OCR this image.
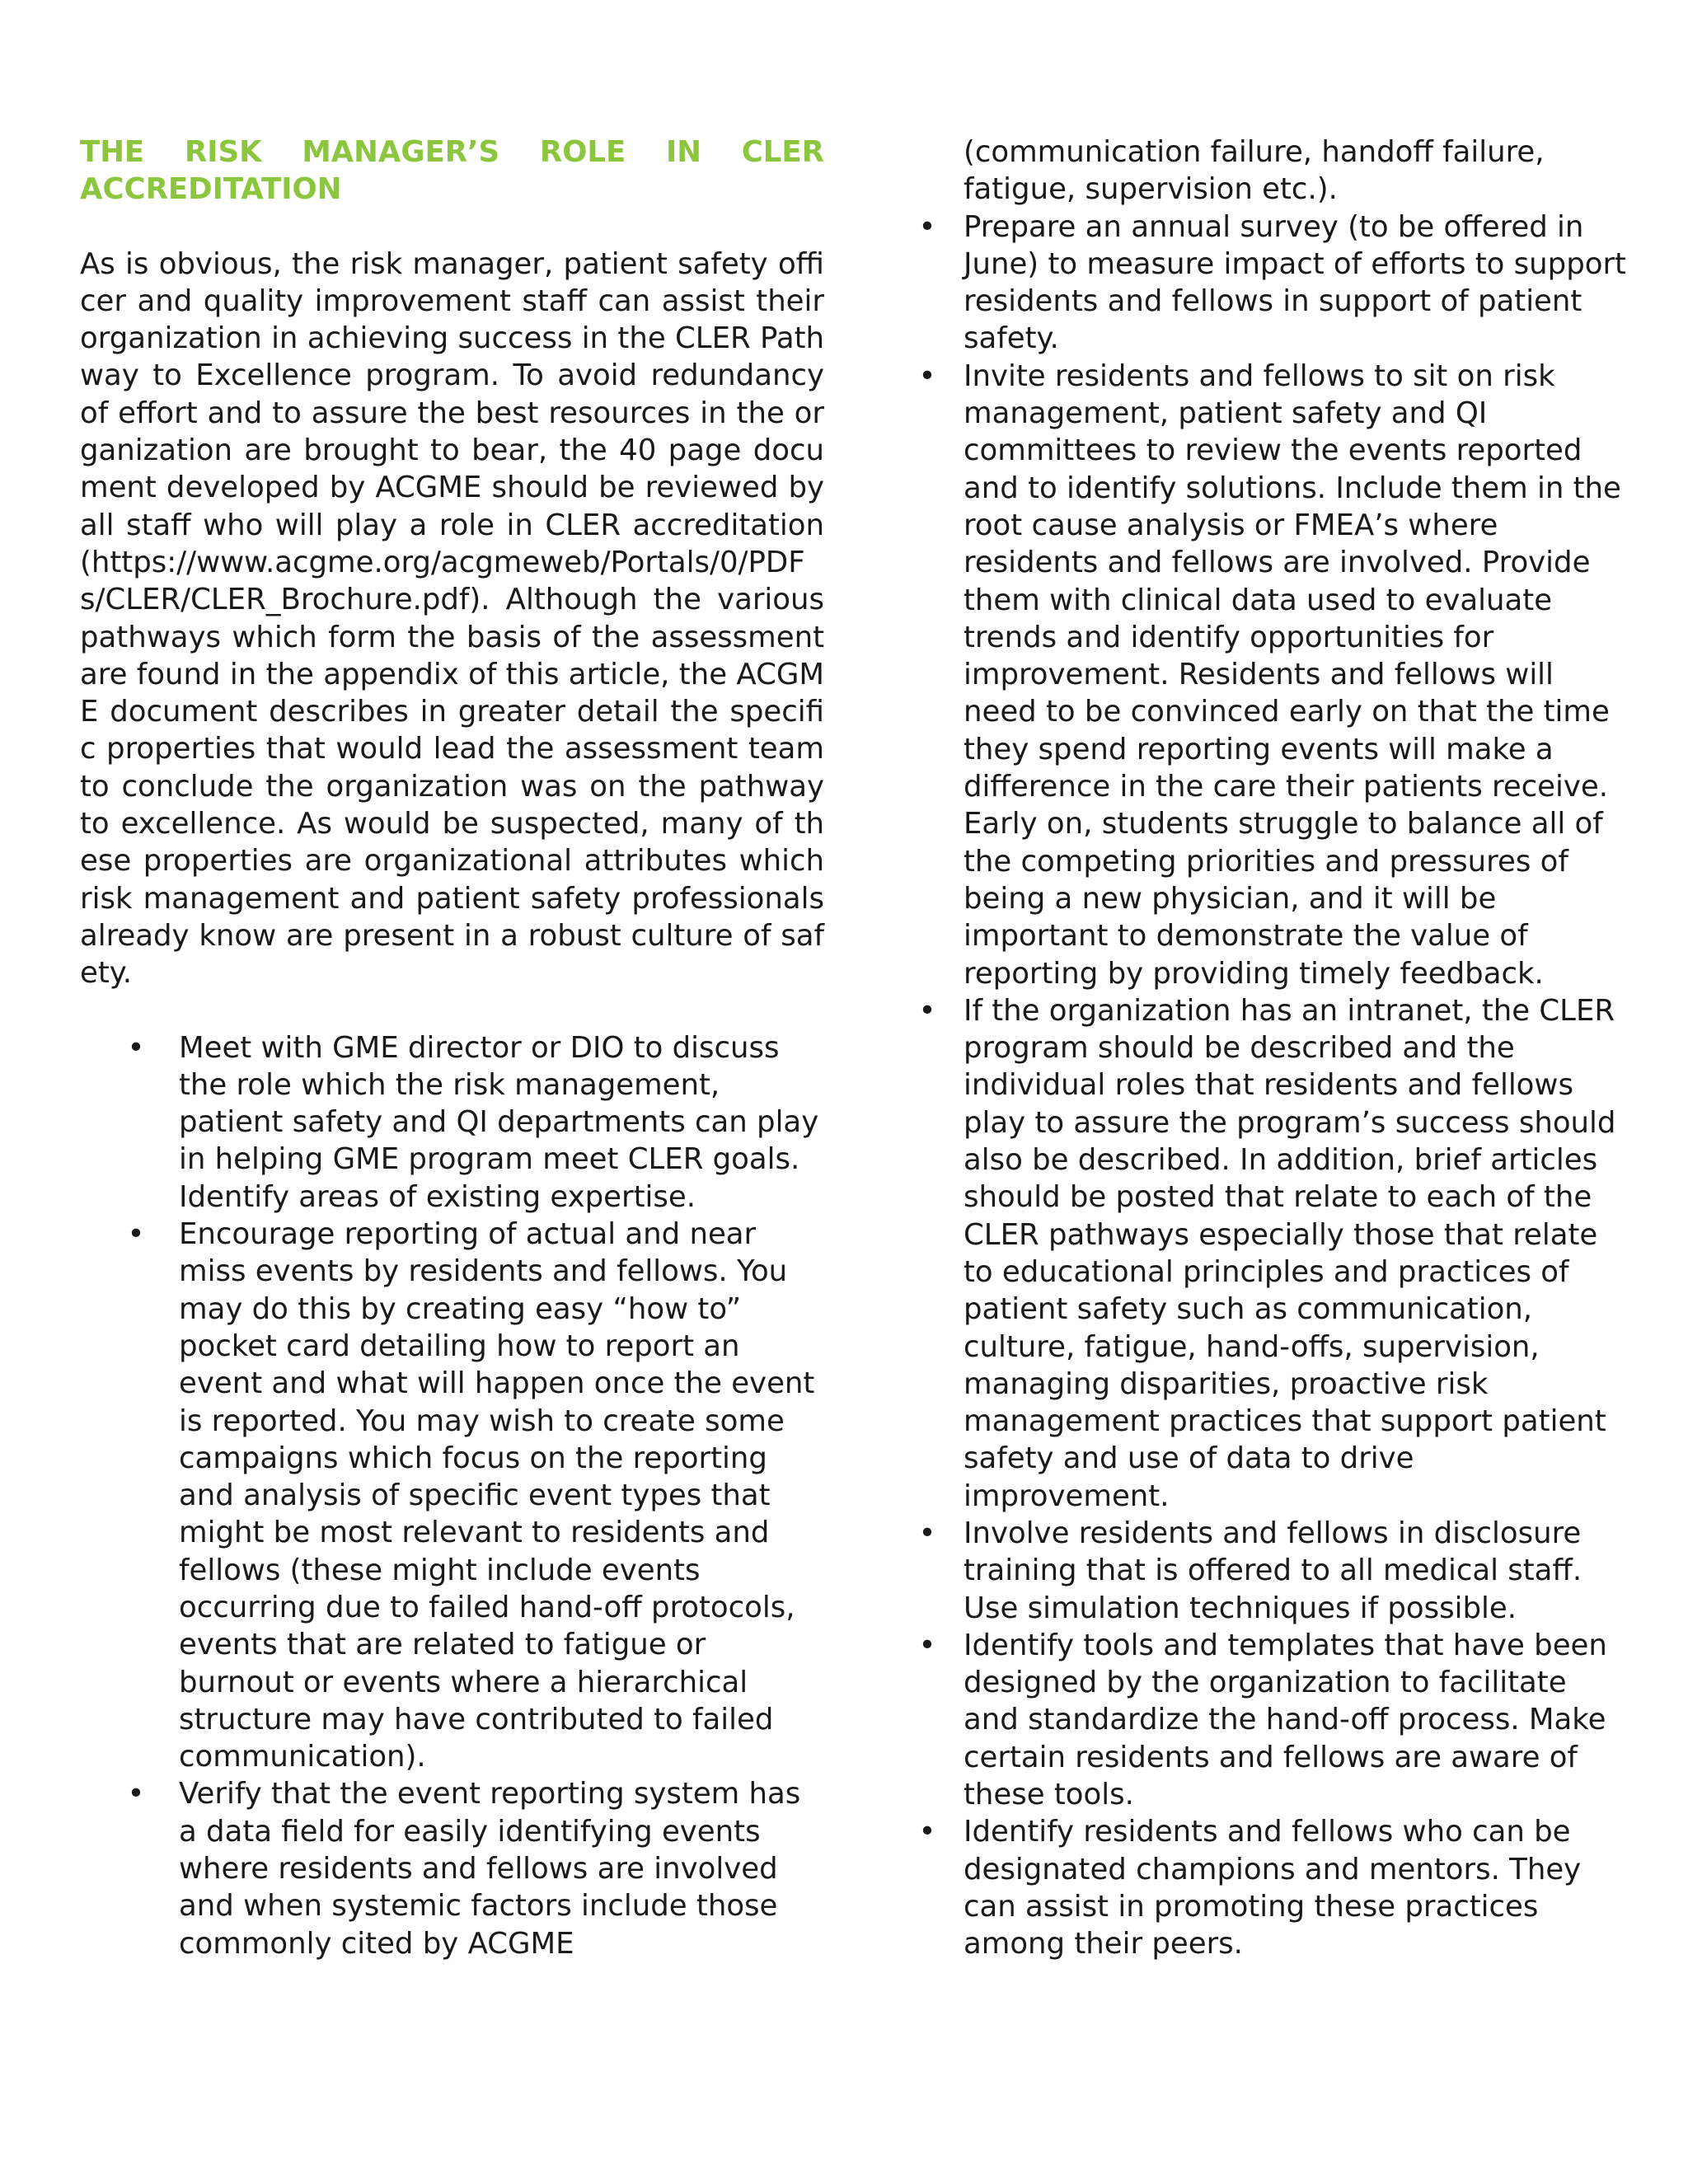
THE RISK MANAGER’S ROLE IN CLER
ACCREDITATION

As is obvious, the risk manager, patient safety officer and quality improvement staff can assist their organization in achieving success in the CLER Pathway to Excellence program. To avoid redundancy of effort and to assure the best resources in the organization are brought to bear, the 40 page document developed by ACGME should be reviewed by all staff who will play a role in CLER accreditation (https://www.acgme.org/acgmeweb/Portals/0/PDFs/CLER/CLER_Brochure.pdf). Although the various pathways which form the basis of the assessment are found in the appendix of this article, the ACGME document describes in greater detail the specific properties that would lead the assessment team to conclude the organization was on the pathway to excellence. As would be suspected, many of these properties are organizational attributes which risk management and patient safety professionals already know are present in a robust culture of safety.

• Meet with GME director or DIO to discuss the role which the risk management, patient safety and QI departments can play in helping GME program meet CLER goals. Identify areas of existing expertise.
• Encourage reporting of actual and near miss events by residents and fellows. You may do this by creating easy “how to” pocket card detailing how to report an event and what will happen once the event is reported. You may wish to create some campaigns which focus on the reporting and analysis of specific event types that might be most relevant to residents and fellows (these might include events occurring due to failed hand-off protocols, events that are related to fatigue or burnout or events where a hierarchical structure may have contributed to failed communication).
• Verify that the event reporting system has a data field for easily identifying events where residents and fellows are involved and when systemic factors include those commonly cited by ACGME
(communication failure, handoff failure, fatigue, supervision etc.).
• Prepare an annual survey (to be offered in June) to measure impact of efforts to support residents and fellows in support of patient safety.
• Invite residents and fellows to sit on risk management, patient safety and QI committees to review the events reported and to identify solutions. Include them in the root cause analysis or FMEA’s where residents and fellows are involved. Provide them with clinical data used to evaluate trends and identify opportunities for improvement. Residents and fellows will need to be convinced early on that the time they spend reporting events will make a difference in the care their patients receive. Early on, students struggle to balance all of the competing priorities and pressures of being a new physician, and it will be important to demonstrate the value of reporting by providing timely feedback.
• If the organization has an intranet, the CLER program should be described and the individual roles that residents and fellows play to assure the program’s success should also be described. In addition, brief articles should be posted that relate to each of the CLER pathways especially those that relate to educational principles and practices of patient safety such as communication, culture, fatigue, hand-offs, supervision, managing disparities, proactive risk management practices that support patient safety and use of data to drive improvement.
• Involve residents and fellows in disclosure training that is offered to all medical staff. Use simulation techniques if possible.
• Identify tools and templates that have been designed by the organization to facilitate and standardize the hand-off process. Make certain residents and fellows are aware of these tools.
• Identify residents and fellows who can be designated champions and mentors. They can assist in promoting these practices among their peers.
